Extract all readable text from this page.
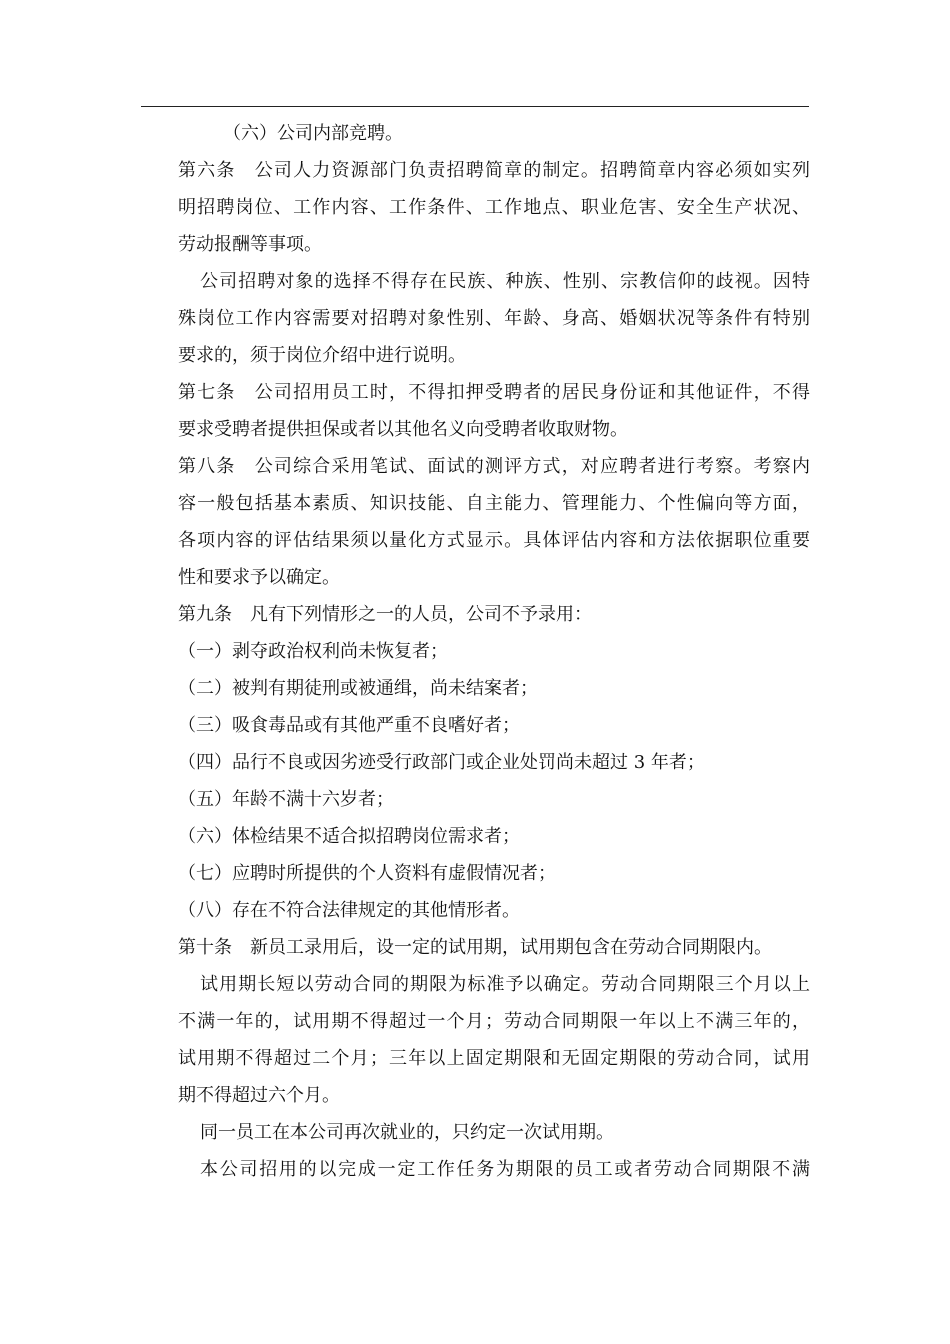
（六）公司内部竞聘。
第六条　公司人力资源部门负责招聘简章的制定。招聘简章内容必须如实列
明招聘岗位、工作内容、工作条件、工作地点、职业危害、安全生产状况、
劳动报酬等事项。
公司招聘对象的选择不得存在民族、种族、性别、宗教信仰的歧视。因特
殊岗位工作内容需要对招聘对象性别、年龄、身高、婚姻状况等条件有特别
要求的，须于岗位介绍中进行说明。
第七条　公司招用员工时，不得扣押受聘者的居民身份证和其他证件，不得
要求受聘者提供担保或者以其他名义向受聘者收取财物。
第八条　公司综合采用笔试、面试的测评方式，对应聘者进行考察。考察内
容一般包括基本素质、知识技能、自主能力、管理能力、个性偏向等方面，
各项内容的评估结果须以量化方式显示。具体评估内容和方法依据职位重要
性和要求予以确定。
第九条　凡有下列情形之一的人员，公司不予录用：
（一）剥夺政治权利尚未恢复者；
（二）被判有期徒刑或被通缉，尚未结案者；
（三）吸食毒品或有其他严重不良嗜好者；
（四）品行不良或因劣迹受行政部门或企业处罚尚未超过 3 年者；
（五）年龄不满十六岁者；
（六）体检结果不适合拟招聘岗位需求者；
（七）应聘时所提供的个人资料有虚假情况者；
（八）存在不符合法律规定的其他情形者。
第十条　新员工录用后，设一定的试用期，试用期包含在劳动合同期限内。
试用期长短以劳动合同的期限为标准予以确定。劳动合同期限三个月以上
不满一年的，试用期不得超过一个月；劳动合同期限一年以上不满三年的，
试用期不得超过二个月；三年以上固定期限和无固定期限的劳动合同，试用
期不得超过六个月。
同一员工在本公司再次就业的，只约定一次试用期。
本公司招用的以完成一定工作任务为期限的员工或者劳动合同期限不满
